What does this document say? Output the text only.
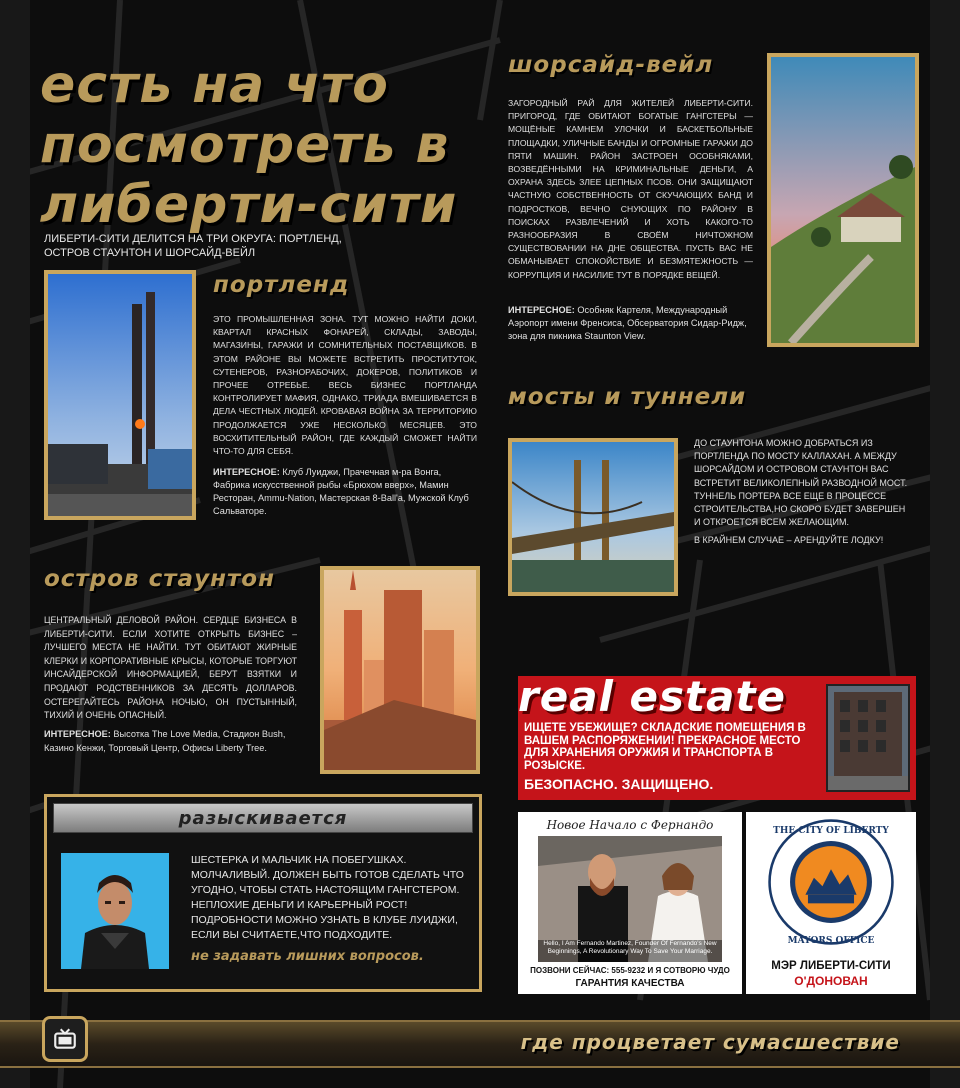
есть на что посмотреть в либерти-сити
ЛИБЕРТИ-СИТИ ДЕЛИТСЯ НА ТРИ ОКРУГА: ПОРТЛЕНД, ОСТРОВ СТАУНТОН И ШОРСАЙД-ВЕЙЛ
портленд
ЭТО ПРОМЫШЛЕННАЯ ЗОНА. ТУТ МОЖНО НАЙТИ ДОКИ, КВАРТАЛ КРАСНЫХ ФОНАРЕЙ, СКЛАДЫ, ЗАВОДЫ, МАГАЗИНЫ, ГАРАЖИ И СОМНИТЕЛЬНЫХ ПОСТАВЩИКОВ. В ЭТОМ РАЙОНЕ ВЫ МОЖЕТЕ ВСТРЕТИТЬ ПРОСТИТУТОК, СУТЕНЕРОВ, РАЗНОРАБОЧИХ, ДОКЕРОВ, ПОЛИТИКОВ И ПРОЧЕЕ ОТРЕБЬЕ. ВЕСЬ БИЗНЕС ПОРТЛАНДА КОНТРОЛИРУЕТ МАФИЯ, ОДНАКО, ТРИАДА ВМЕШИВАЕТСЯ В ДЕЛА ЧЕСТНЫХ ЛЮДЕЙ. КРОВАВАЯ ВОЙНА ЗА ТЕРРИТОРИЮ ПРОДОЛЖАЕТСЯ УЖЕ НЕСКОЛЬКО МЕСЯЦЕВ. ЭТО ВОСХИТИТЕЛЬНЫЙ РАЙОН, ГДЕ КАЖДЫЙ СМОЖЕТ НАЙТИ ЧТО-ТО ДЛЯ СЕБЯ.
ИНТЕРЕСНОЕ: Клуб Луиджи, Прачечная м-ра Вонга, Фабрика искусственной рыбы «Брюхом вверх», Мамин Ресторан, Ammu-Nation, Мастерская 8-Ball'a, Мужской Клуб Сальваторе.
шорсайд-вейл
ЗАГОРОДНЫЙ РАЙ ДЛЯ ЖИТЕЛЕЙ ЛИБЕРТИ-СИТИ. ПРИГОРОД, ГДЕ ОБИТАЮТ БОГАТЫЕ ГАНГСТЕРЫ — МОЩЁНЫЕ КАМНЕМ УЛОЧКИ И БАСКЕТБОЛЬНЫЕ ПЛОЩАДКИ, УЛИЧНЫЕ БАНДЫ И ОГРОМНЫЕ ГАРАЖИ ДО ПЯТИ МАШИН. РАЙОН ЗАСТРОЕН ОСОБНЯКАМИ, ВОЗВЕДЁННЫМИ НА КРИМИНАЛЬНЫЕ ДЕНЬГИ, А ОХРАНА ЗДЕСЬ ЗЛЕЕ ЦЕПНЫХ ПСОВ. ОНИ ЗАЩИЩАЮТ ЧАСТНУЮ СОБСТВЕННОСТЬ ОТ СКУЧАЮЩИХ БАНД И ПОДРОСТКОВ, ВЕЧНО СНУЮЩИХ ПО РАЙОНУ В ПОИСКАХ РАЗВЛЕЧЕНИЙ И ХОТЬ КАКОГО-ТО РАЗНООБРАЗИЯ В СВОЁМ НИЧТОЖНОМ СУЩЕСТВОВАНИИ НА ДНЕ ОБЩЕСТВА. ПУСТЬ ВАС НЕ ОБМАНЫВАЕТ СПОКОЙСТВИЕ И БЕЗМЯТЕЖНОСТЬ — КОРРУПЦИЯ И НАСИЛИЕ ТУТ В ПОРЯДКЕ ВЕЩЕЙ.
ИНТЕРЕСНОЕ: Особняк Картеля, Международный Аэропорт имени Френсиса, Обсерватория Сидар-Ридж, зона для пикника Staunton View.
мосты и туннели
ДО СТАУНТОНА МОЖНО ДОБРАТЬСЯ ИЗ ПОРТЛЕНДА ПО МОСТУ КАЛЛАХАН. А МЕЖДУ ШОРСАЙДОМ И ОСТРОВОМ СТАУНТОН ВАС ВСТРЕТИТ ВЕЛИКОЛЕПНЫЙ РАЗВОДНОЙ МОСТ. ТУННЕЛЬ ПОРТЕРА ВСЕ ЕЩЕ В ПРОЦЕССЕ СТРОИТЕЛЬСТВА,НО СКОРО БУДЕТ ЗАВЕРШЕН И ОТКРОЕТСЯ ВСЕМ ЖЕЛАЮЩИМ.
В КРАЙНЕМ СЛУЧАЕ – АРЕНДУЙТЕ ЛОДКУ!
остров стаунтон
ЦЕНТРАЛЬНЫЙ ДЕЛОВОЙ РАЙОН. СЕРДЦЕ БИЗНЕСА В ЛИБЕРТИ-СИТИ. ЕСЛИ ХОТИТЕ ОТКРЫТЬ БИЗНЕС – ЛУЧШЕГО МЕСТА НЕ НАЙТИ. ТУТ ОБИТАЮТ ЖИРНЫЕ КЛЕРКИ И КОРПОРАТИВНЫЕ КРЫСЫ, КОТОРЫЕ ТОРГУЮТ ИНСАЙДЕРСКОЙ ИНФОРМАЦИЕЙ, БЕРУТ ВЗЯТКИ И ПРОДАЮТ РОДСТВЕННИКОВ ЗА ДЕСЯТЬ ДОЛЛАРОВ. ОСТЕРЕГАЙТЕСЬ РАЙОНА НОЧЬЮ, ОН ПУСТЫННЫЙ, ТИХИЙ И ОЧЕНЬ ОПАСНЫЙ.
ИНТЕРЕСНОЕ: Высотка The Love Media, Стадион Bush, Казино Кенжи, Торговый Центр, Офисы Liberty Tree.
разыскивается
ШЕСТЕРКА И МАЛЬЧИК НА ПОБЕГУШКАХ. МОЛЧАЛИВЫЙ. ДОЛЖЕН БЫТЬ ГОТОВ СДЕЛАТЬ ЧТО УГОДНО, ЧТОБЫ СТАТЬ НАСТОЯЩИМ ГАНГСТЕРОМ. НЕПЛОХИЕ ДЕНЬГИ И КАРЬЕРНЫЙ РОСТ! ПОДРОБНОСТИ МОЖНО УЗНАТЬ В КЛУБЕ ЛУИДЖИ, ЕСЛИ ВЫ СЧИТАЕТЕ,ЧТО ПОДХОДИТЕ.
не задавать лишних вопросов.
real estate
ИЩЕТЕ УБЕЖИЩЕ? СКЛАДСКИЕ ПОМЕЩЕНИЯ В ВАШЕМ РАСПОРЯЖЕНИИ! ПРЕКРАСНОЕ МЕСТО ДЛЯ ХРАНЕНИЯ ОРУЖИЯ И ТРАНСПОРТА В РОЗЫСКЕ.
БЕЗОПАСНО. ЗАЩИЩЕНО.
Новое Начало с Фернандо
Hello, I Am Fernando Martinez, Founder Of Fernando's New Beginnings, A Revolutionary Way To Save Your Marriage.
ПОЗВОНИ СЕЙЧАС: 555-9232 И Я СОТВОРЮ ЧУДО
ГАРАНТИЯ КАЧЕСТВА
THE CITY OF LIBERTY
MAYORS OFFICE
МЭР ЛИБЕРТИ-СИТИ
О'ДОНОВАН
где процветает сумасшествие
